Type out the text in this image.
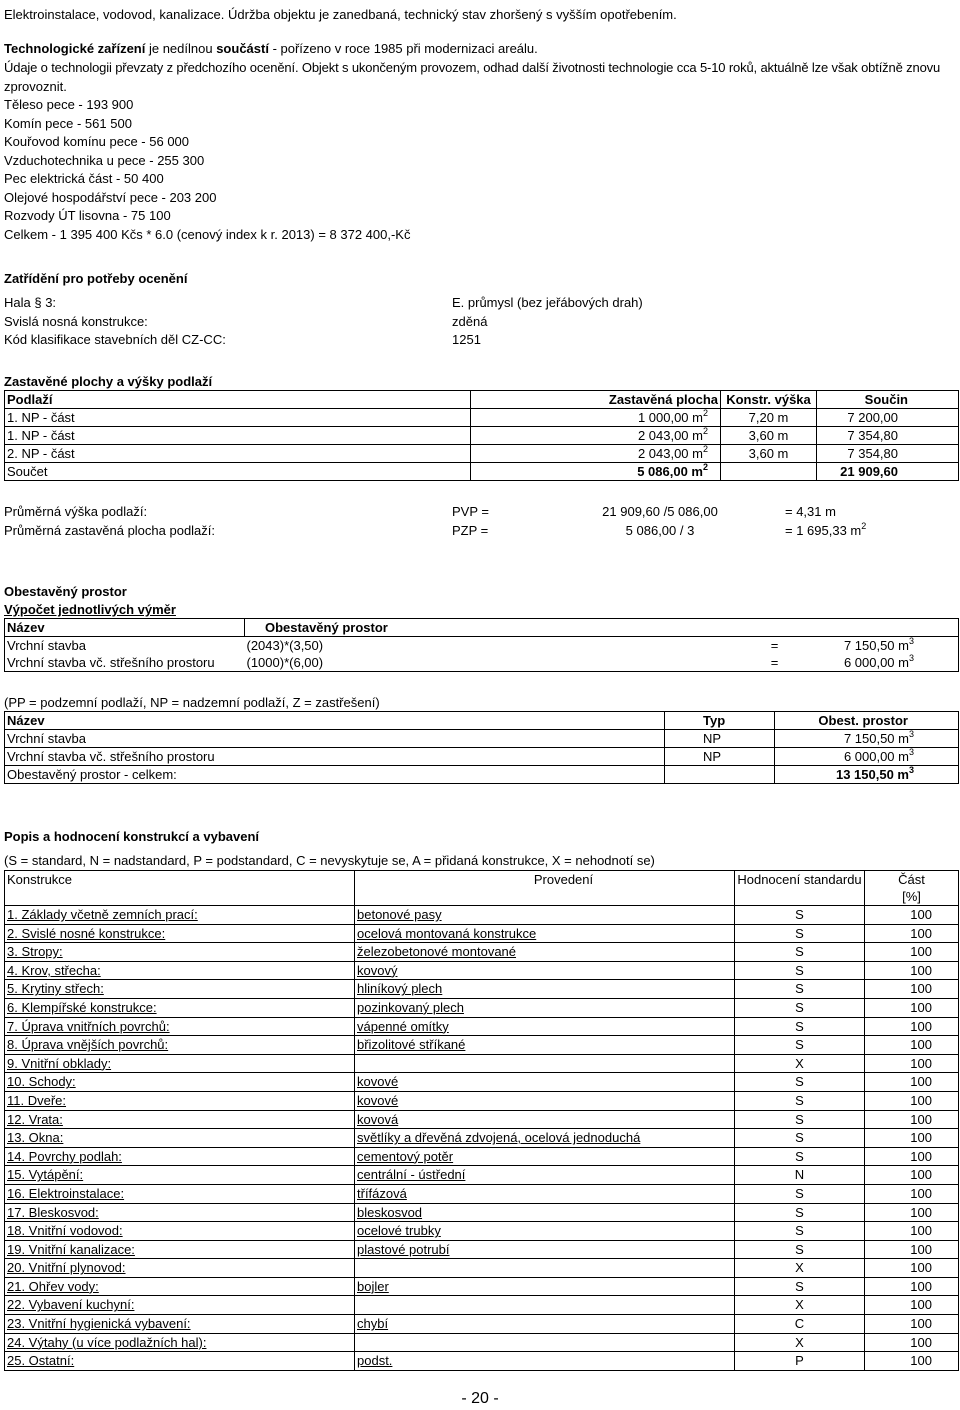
Elektroinstalace, vodovod, kanalizace. Údržba objektu je zanedbaná, technický stav zhoršený s vyšším opotřebením.
Technologické zařízení je nedílnou součástí - pořízeno v roce 1985 při modernizaci areálu.
Údaje o technologii převzaty z předchozího ocenění. Objekt s ukončeným provozem, odhad další životnosti technologie cca 5-10 roků, aktuálně lze však obtížně znovu
zprovoznit.
Těleso pece - 193 900
Komín pece - 561 500
Kouřovod komínu pece - 56 000
Vzduchotechnika u pece - 255 300
Pec elektrická část - 50 400
Olejové hospodářství pece - 203 200
Rozvody ÚT lisovna - 75 100
Celkem - 1 395 400 Kčs * 6.0 (cenový index k r. 2013) = 8 372 400,-Kč
Zatřídění pro potřeby ocenění
Hala § 3:	E. průmysl (bez jeřábových drah)
Svislá nosná konstrukce:	zděná
Kód klasifikace stavebních děl CZ-CC:	1251
Zastavěné plochy a výšky podlaží
Podlaží	Zastavěná plocha	Konstr. výška	Součin
1. NP - část	1 000,00 $m^2$	7,20 m	7 200,00
1. NP - část	2 043,00 $m^2$	3,60 m	7 354,80
2. NP - část	2 043,00 $m^2$	3,60 m	7 354,80
Součet	5 086,00 $m^2$		21 909,60
Průměrná výška podlaží:	PVP =	21 909,60 /5 086,00	= 4,31 m
Průměrná zastavěná plocha podlaží:	PZP =	5 086,00 / 3	= 1 695,33 $m^2$
Obestavěný prostor
Výpočet jednotlivých výměr
Název	Obestavěný prostor		
Vrchní stavba	(2043)*(3,50)	=	7 150,50 $m^3$
Vrchní stavba vč. střešního prostoru	(1000)*(6,00)	=	6 000,00 $m^3$
(PP = podzemní podlaží, NP = nadzemní podlaží, Z = zastřešení)
Název	Typ	Obest. prostor
Vrchní stavba	NP	7 150,50 $m^3$
Vrchní stavba vč. střešního prostoru	NP	6 000,00 $m^3$
Obestavěný prostor - celkem:		13 150,50 $m^3$
Popis a hodnocení konstrukcí a vybavení
(S = standard, N = nadstandard, P = podstandard, C = nevyskytuje se, A = přidaná konstrukce, X = nehodnotí se)
Konstrukce	Provedení	Hodnocení standardu	Část
[%]

1. Základy včetně zemních prací:	betonové pasy	S	100
2. Svislé nosné konstrukce:	ocelová montovaná konstrukce	S	100
3. Stropy:	železobetonové montované	S	100
4. Krov, střecha:	kovový	S	100
5. Krytiny střech:	hliníkový plech	S	100
6. Klempířské konstrukce:	pozinkovaný plech	S	100
7. Úprava vnitřních povrchů:	vápenné omítky	S	100
8. Úprava vnějších povrchů:	břizolitové stříkané	S	100
9. Vnitřní obklady:		X	100
10. Schody:	kovové	S	100
11. Dveře:	kovové	S	100
12. Vrata:	kovová	S	100
13. Okna:	světlíky a dřevěná zdvojená, ocelová jednoduchá	S	100
14. Povrchy podlah:	cementový potěr	S	100
15. Vytápění:	centrální - ústřední	N	100
16. Elektroinstalace:	třífázová	S	100
17. Bleskosvod:	bleskosvod	S	100
18. Vnitřní vodovod:	ocelové trubky	S	100
19. Vnitřní kanalizace:	plastové potrubí	S	100
20. Vnitřní plynovod:		X	100
21. Ohřev vody:	bojler	S	100
22. Vybavení kuchyní:		X	100
23. Vnitřní hygienická vybavení:	chybí	C	100
24. Výtahy (u více podlažních hal):		X	100
25. Ostatní:	podst.	P	100
- 20 -
